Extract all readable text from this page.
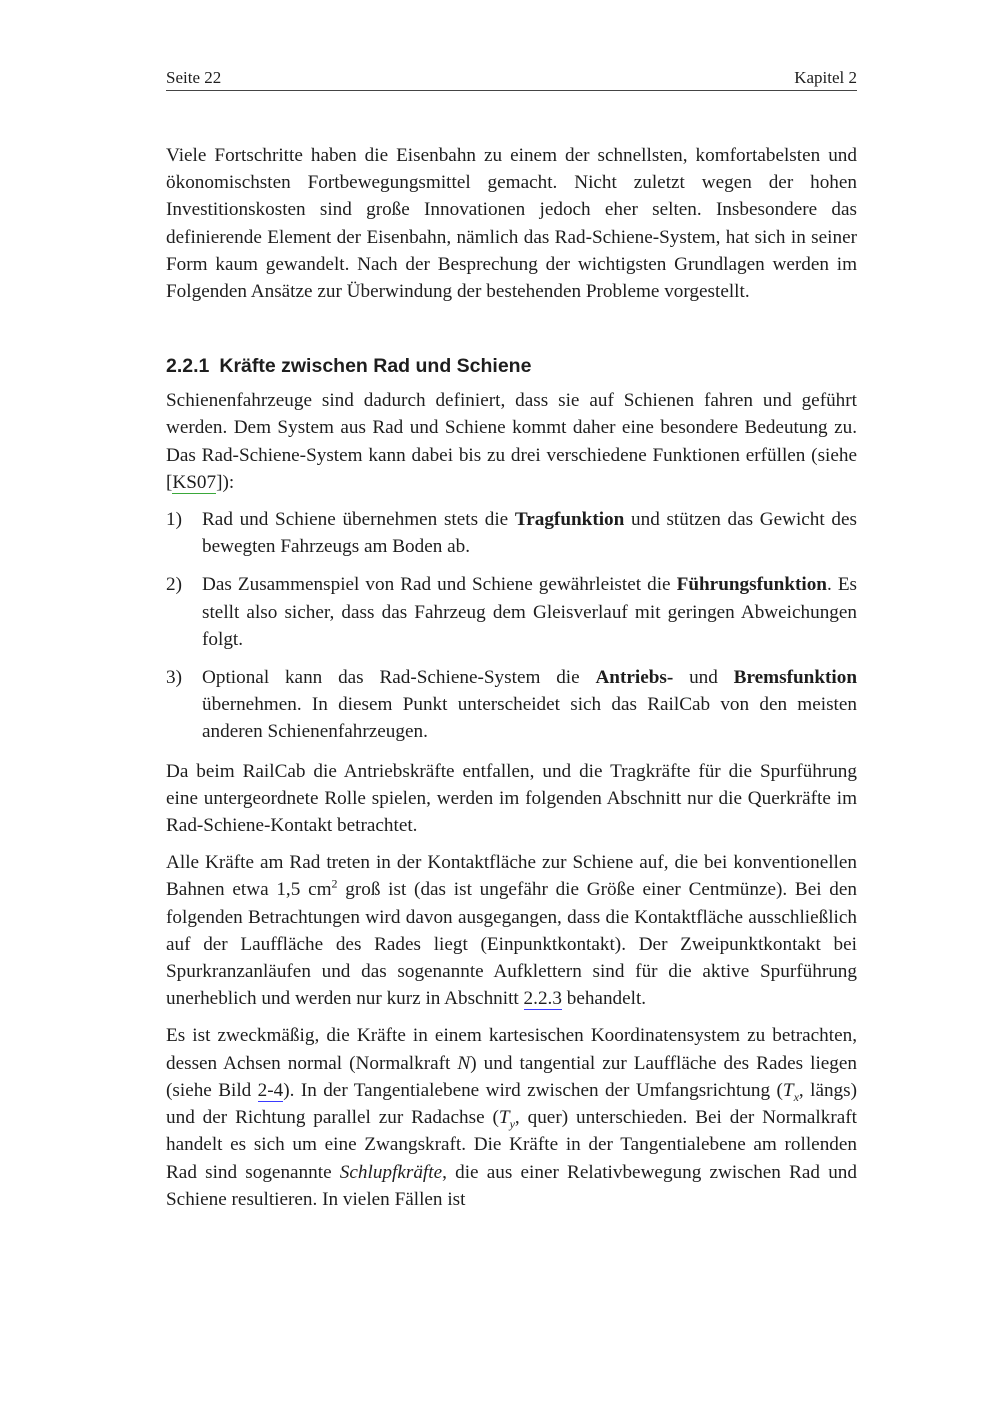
Seite 22	Kapitel 2

Viele Fortschritte haben die Eisenbahn zu einem der schnellsten, komfortabelsten und ökonomischsten Fortbewegungsmittel gemacht. Nicht zuletzt wegen der hohen Investitionskosten sind große Innovationen jedoch eher selten. Insbesondere das definierende Element der Eisenbahn, nämlich das Rad-Schiene-System, hat sich in seiner Form kaum gewandelt. Nach der Besprechung der wichtigsten Grundlagen werden im Folgenden Ansätze zur Überwindung der bestehenden Probleme vorgestellt.

2.2.1 Kräfte zwischen Rad und Schiene

Schienenfahrzeuge sind dadurch definiert, dass sie auf Schienen fahren und geführt werden. Dem System aus Rad und Schiene kommt daher eine besondere Bedeutung zu. Das Rad-Schiene-System kann dabei bis zu drei verschiedene Funktionen erfüllen (siehe [KS07]):

1) Rad und Schiene übernehmen stets die Tragfunktion und stützen das Gewicht des bewegten Fahrzeugs am Boden ab.
2) Das Zusammenspiel von Rad und Schiene gewährleistet die Führungsfunktion. Es stellt also sicher, dass das Fahrzeug dem Gleisverlauf mit geringen Abweichungen folgt.
3) Optional kann das Rad-Schiene-System die Antriebs- und Bremsfunktion übernehmen. In diesem Punkt unterscheidet sich das RailCab von den meisten anderen Schienenfahrzeugen.

Da beim RailCab die Antriebskräfte entfallen, und die Tragkräfte für die Spurführung eine untergeordnete Rolle spielen, werden im folgenden Abschnitt nur die Querkräfte im Rad-Schiene-Kontakt betrachtet.

Alle Kräfte am Rad treten in der Kontaktfläche zur Schiene auf, die bei konventionellen Bahnen etwa 1,5 $cm^2$ groß ist (das ist ungefähr die Größe einer Centmünze). Bei den folgenden Betrachtungen wird davon ausgegangen, dass die Kontaktfläche ausschließlich auf der Lauffläche des Rades liegt (Einpunktkontakt). Der Zweipunktkontakt bei Spurkranzanläufen und das sogenannte Aufklettern sind für die aktive Spurführung unerheblich und werden nur kurz in Abschnitt 2.2.3 behandelt.

Es ist zweckmäßig, die Kräfte in einem kartesischen Koordinatensystem zu betrachten, dessen Achsen normal (Normalkraft N) und tangential zur Lauffläche des Rades liegen (siehe Bild 2-4). In der Tangentialebene wird zwischen der Umfangsrichtung ($T_x$, längs) und der Richtung parallel zur Radachse ($T_y$, quer) unterschieden. Bei der Normalkraft handelt es sich um eine Zwangskraft. Die Kräfte in der Tangentialebene am rollenden Rad sind sogenannte Schlupfkräfte, die aus einer Relativbewegung zwischen Rad und Schiene resultieren. In vielen Fällen ist
